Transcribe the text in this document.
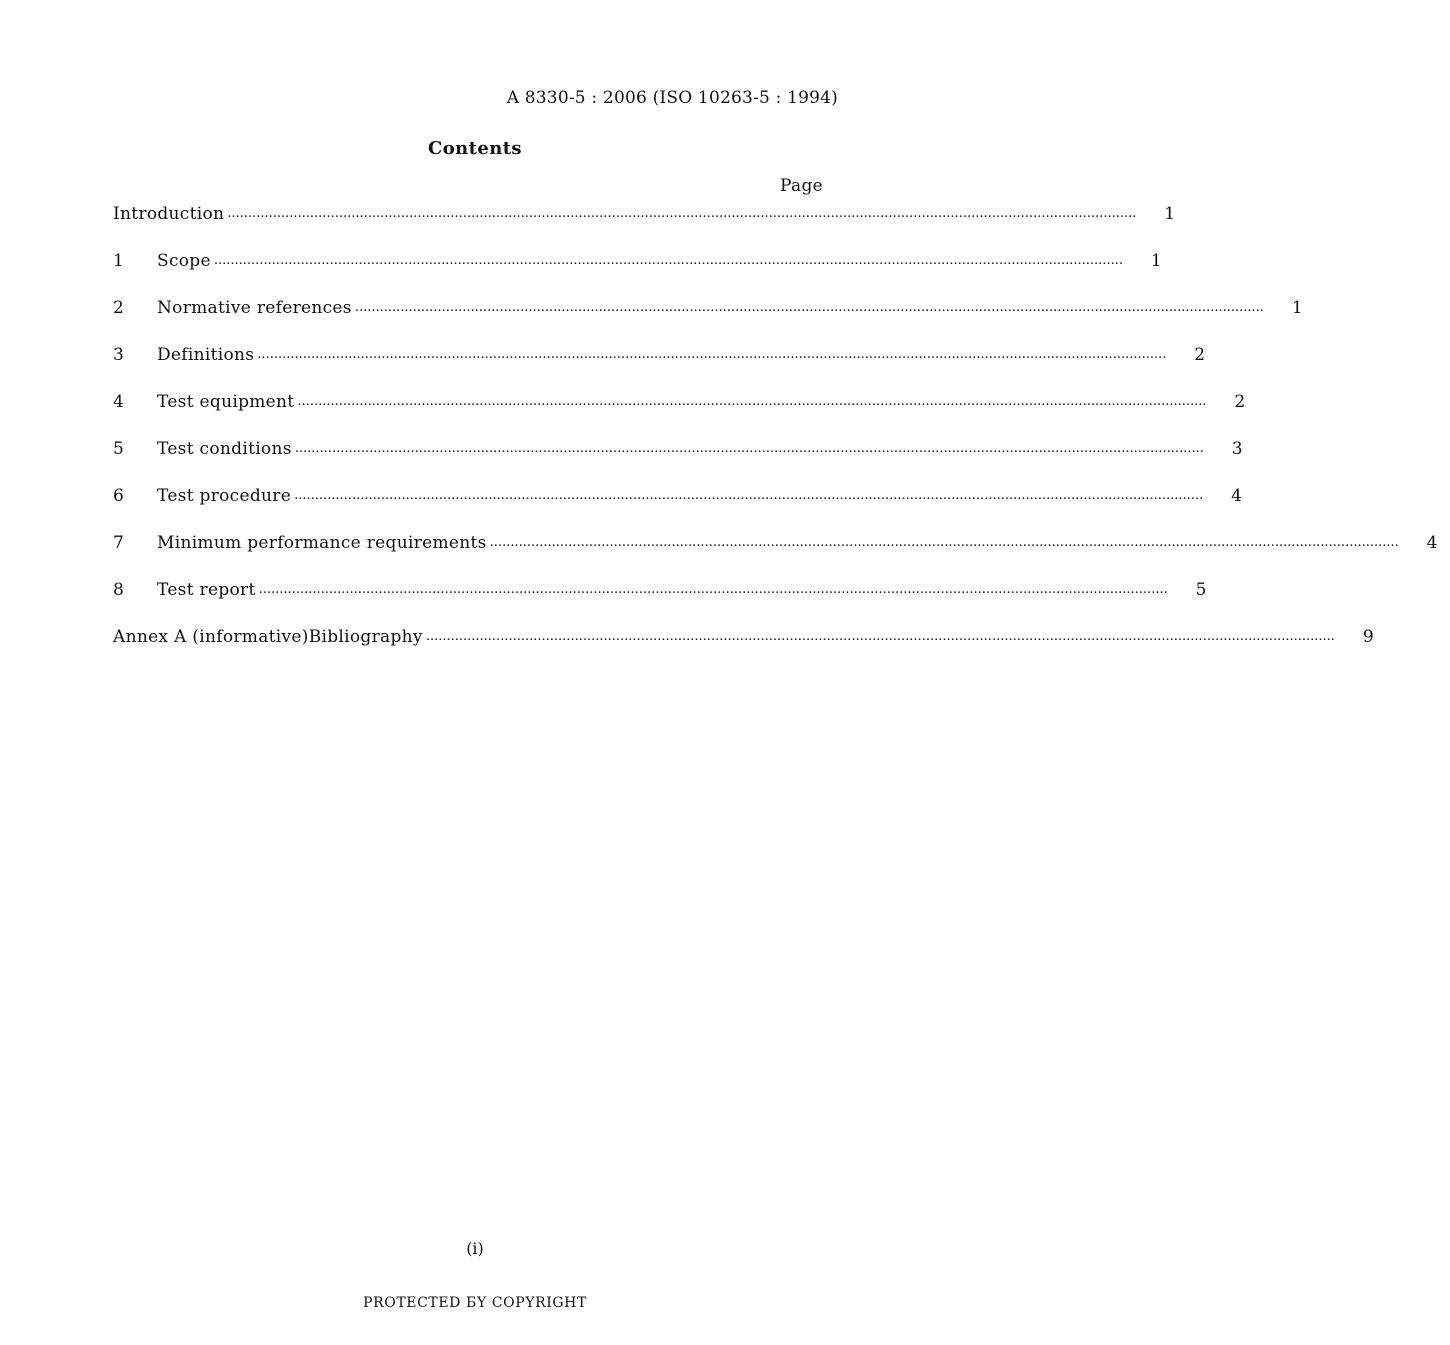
A 8330-5 : 2006 (ISO 10263-5 : 1994)
Contents
Page
Introduction ............................................................................................................................................................................................................................	1
1	Scope ............................................................................................................................................................................................................................	1
2	Normative references ............................................................................................................................................................................................................................	1
3	Definitions ............................................................................................................................................................................................................................	2
4	Test equipment ............................................................................................................................................................................................................................	2
5	Test conditions ............................................................................................................................................................................................................................	3
6	Test procedure ............................................................................................................................................................................................................................	4
7	Minimum performance requirements ............................................................................................................................................................................................................................	4
8	Test report ............................................................................................................................................................................................................................	5
Annex A (informative) Bibliography ............................................................................................................................................................................................................................	9
(i)
PROTECTED БY COPYRIGHT
